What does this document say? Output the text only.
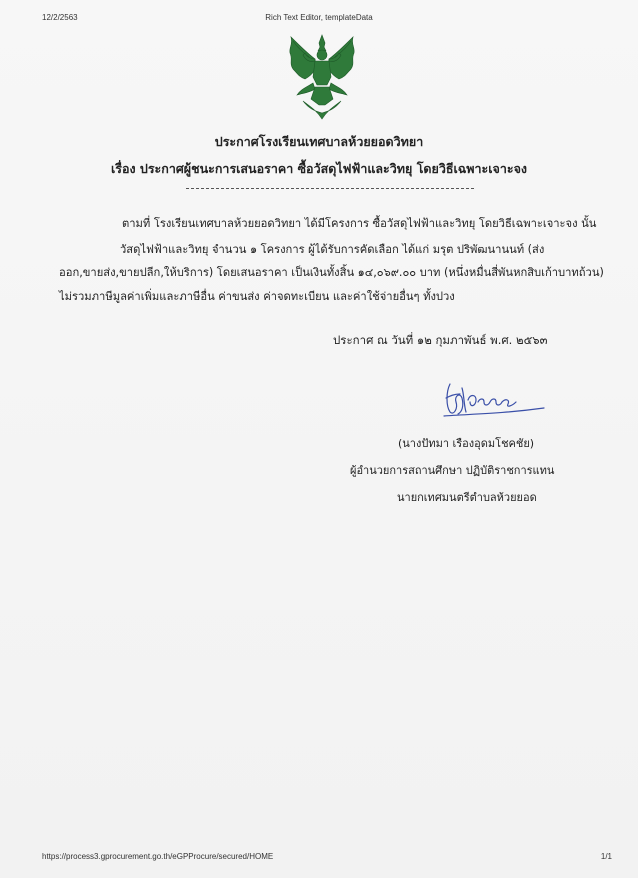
12/2/2563	Rich Text Editor, templateData
ประกาศโรงเรียนเทศบาลห้วยยอดวิทยา
เรื่อง ประกาศผู้ชนะการเสนอราคา ซื้อวัสดุไฟฟ้าและวิทยุ โดยวิธีเฉพาะเจาะจง
ตามที่ โรงเรียนเทศบาลห้วยยอดวิทยา ได้มีโครงการ ซื้อวัสดุไฟฟ้าและวิทยุ โดยวิธีเฉพาะเจาะจง นั้น
วัสดุไฟฟ้าและวิทยุ จำนวน ๑ โครงการ ผู้ได้รับการคัดเลือก ได้แก่ มรุต ปริพัฒนานนท์ (ส่ง
ออก,ขายส่ง,ขายปลีก,ให้บริการ) โดยเสนอราคา เป็นเงินทั้งสิ้น ๑๔,๐๖๙.๐๐ บาท (หนึ่งหมื่นสี่พันหกสิบเก้าบาทถ้วน)
ไม่รวมภาษีมูลค่าเพิ่มและภาษีอื่น ค่าขนส่ง ค่าจดทะเบียน และค่าใช้จ่ายอื่นๆ ทั้งปวง
ประกาศ ณ วันที่ ๑๒ กุมภาพันธ์ พ.ศ. ๒๕๖๓
(นางปัทมา เรืองอุดมโชคชัย)
ผู้อำนวยการสถานศึกษา ปฏิบัติราชการแทน
นายกเทศมนตรีตำบลห้วยยอด
https://process3.gprocurement.go.th/eGPProcure/secured/HOME	1/1
